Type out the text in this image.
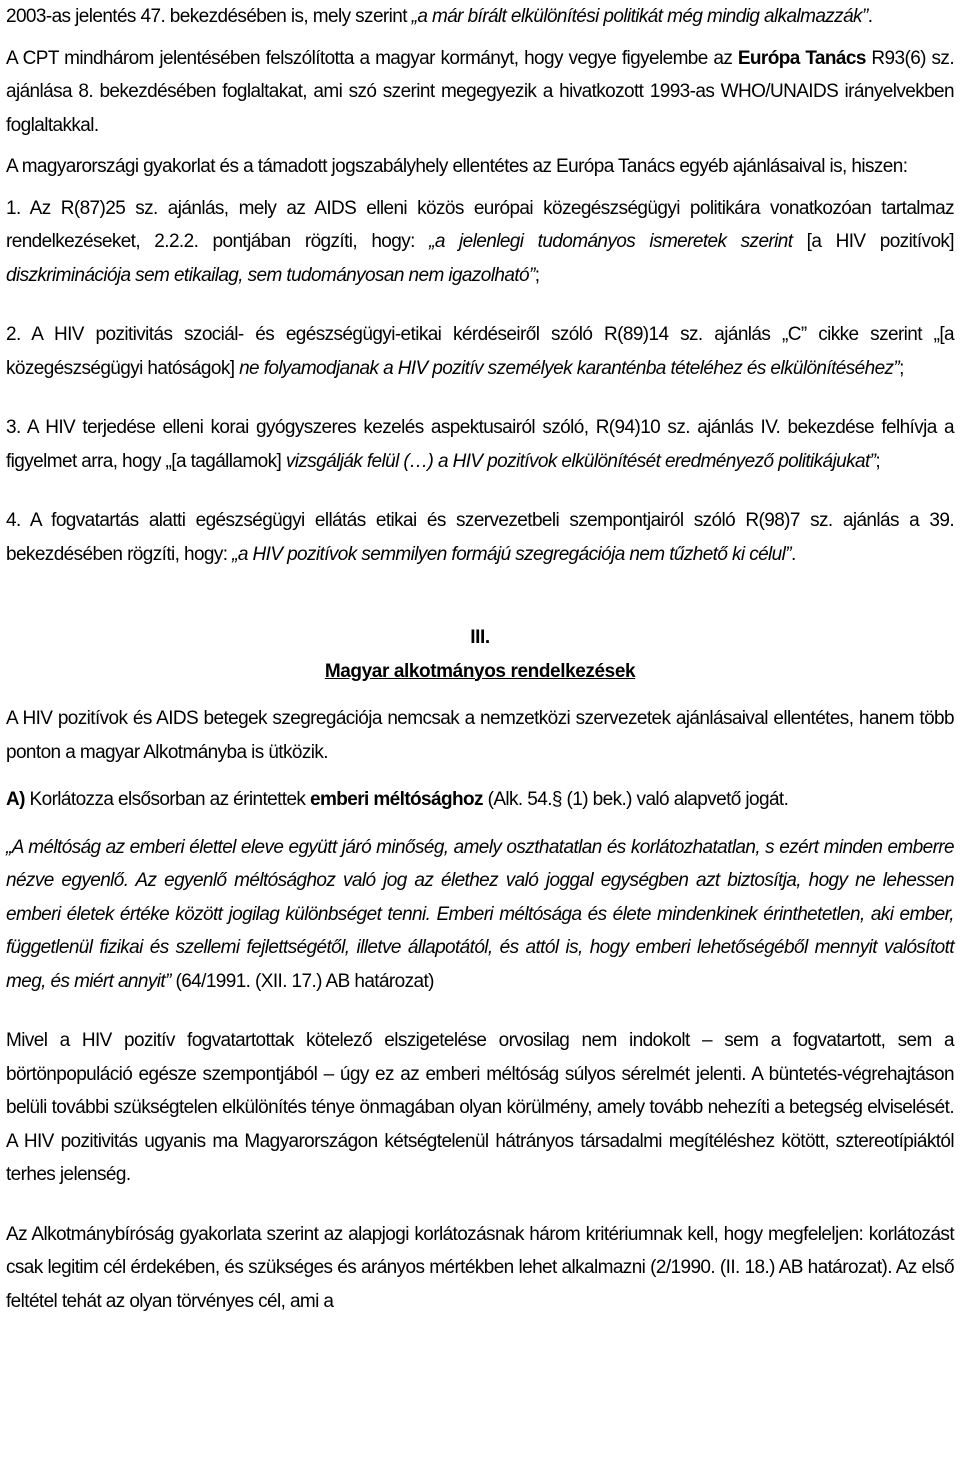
2003-as jelentés 47. bekezdésében is, mely szerint „a már bírált elkülönítési politikát még mindig alkalmazzák”.

A CPT mindhárom jelentésében felszólította a magyar kormányt, hogy vegye figyelembe az Európa Tanács R93(6) sz. ajánlása 8. bekezdésében foglaltakat, ami szó szerint megegyezik a hivatkozott 1993-as WHO/UNAIDS irányelvekben foglaltakkal.

A magyarországi gyakorlat és a támadott jogszabályhely ellentétes az Európa Tanács egyéb ajánlásaival is, hiszen:

1. Az R(87)25 sz. ajánlás, mely az AIDS elleni közös európai közegészségügyi politikára vonatkozóan tartalmaz rendelkezéseket, 2.2.2. pontjában rögzíti, hogy: „a jelenlegi tudományos ismeretek szerint [a HIV pozitívok] diszkriminációja sem etikailag, sem tudományosan nem igazolható”;

2. A HIV pozitivitás szociál- és egészségügyi-etikai kérdéseiről szóló R(89)14 sz. ajánlás „C” cikke szerint „[a közegészségügyi hatóságok] ne folyamodjanak a HIV pozitív személyek karanténba tételéhez és elkülönítéséhez”;

3. A HIV terjedése elleni korai gyógyszeres kezelés aspektusairól szóló, R(94)10 sz. ajánlás IV. bekezdése felhívja a figyelmet arra, hogy „[a tagállamok] vizsgálják felül (…) a HIV pozitívok elkülönítését eredményező politikájukat”;

4. A fogvatartás alatti egészségügyi ellátás etikai és szervezetbeli szempontjairól szóló R(98)7 sz. ajánlás a 39. bekezdésében rögzíti, hogy: „a HIV pozitívok semmilyen formájú szegregációja nem tűzhető ki célul”.

III.
Magyar alkotmányos rendelkezések

A HIV pozitívok és AIDS betegek szegregációja nemcsak a nemzetközi szervezetek ajánlásaival ellentétes, hanem több ponton a magyar Alkotmányba is ütközik.

A) Korlátozza elsősorban az érintettek emberi méltósághoz (Alk. 54.§ (1) bek.) való alapvető jogát.

„A méltóság az emberi élettel eleve együtt járó minőség, amely oszthatatlan és korlátozhatatlan, s ezért minden emberre nézve egyenlő. Az egyenlő méltósághoz való jog az élethez való joggal egységben azt biztosítja, hogy ne lehessen emberi életek értéke között jogilag különbséget tenni. Emberi méltósága és élete mindenkinek érinthetetlen, aki ember, függetlenül fizikai és szellemi fejlettségétől, illetve állapotától, és attól is, hogy emberi lehetőségéből mennyit valósított meg, és miért annyit” (64/1991. (XII. 17.) AB határozat)

Mivel a HIV pozitív fogvatartottak kötelező elszigetelése orvosilag nem indokolt – sem a fogvatartott, sem a börtönpopuláció egésze szempontjából – úgy ez az emberi méltóság súlyos sérelmét jelenti. A büntetés-végrehajtáson belüli további szükségtelen elkülönítés ténye önmagában olyan körülmény, amely tovább nehezíti a betegség elviselését. A HIV pozitivitás ugyanis ma Magyarországon kétségtelenül hátrányos társadalmi megítéléshez kötött, sztereotípiáktól terhes jelenség.

Az Alkotmánybíróság gyakorlata szerint az alapjogi korlátozásnak három kritériumnak kell, hogy megfeleljen: korlátozást csak legitim cél érdekében, és szükséges és arányos mértékben lehet alkalmazni (2/1990. (II. 18.) AB határozat). Az első feltétel tehát az olyan törvényes cél, ami a
